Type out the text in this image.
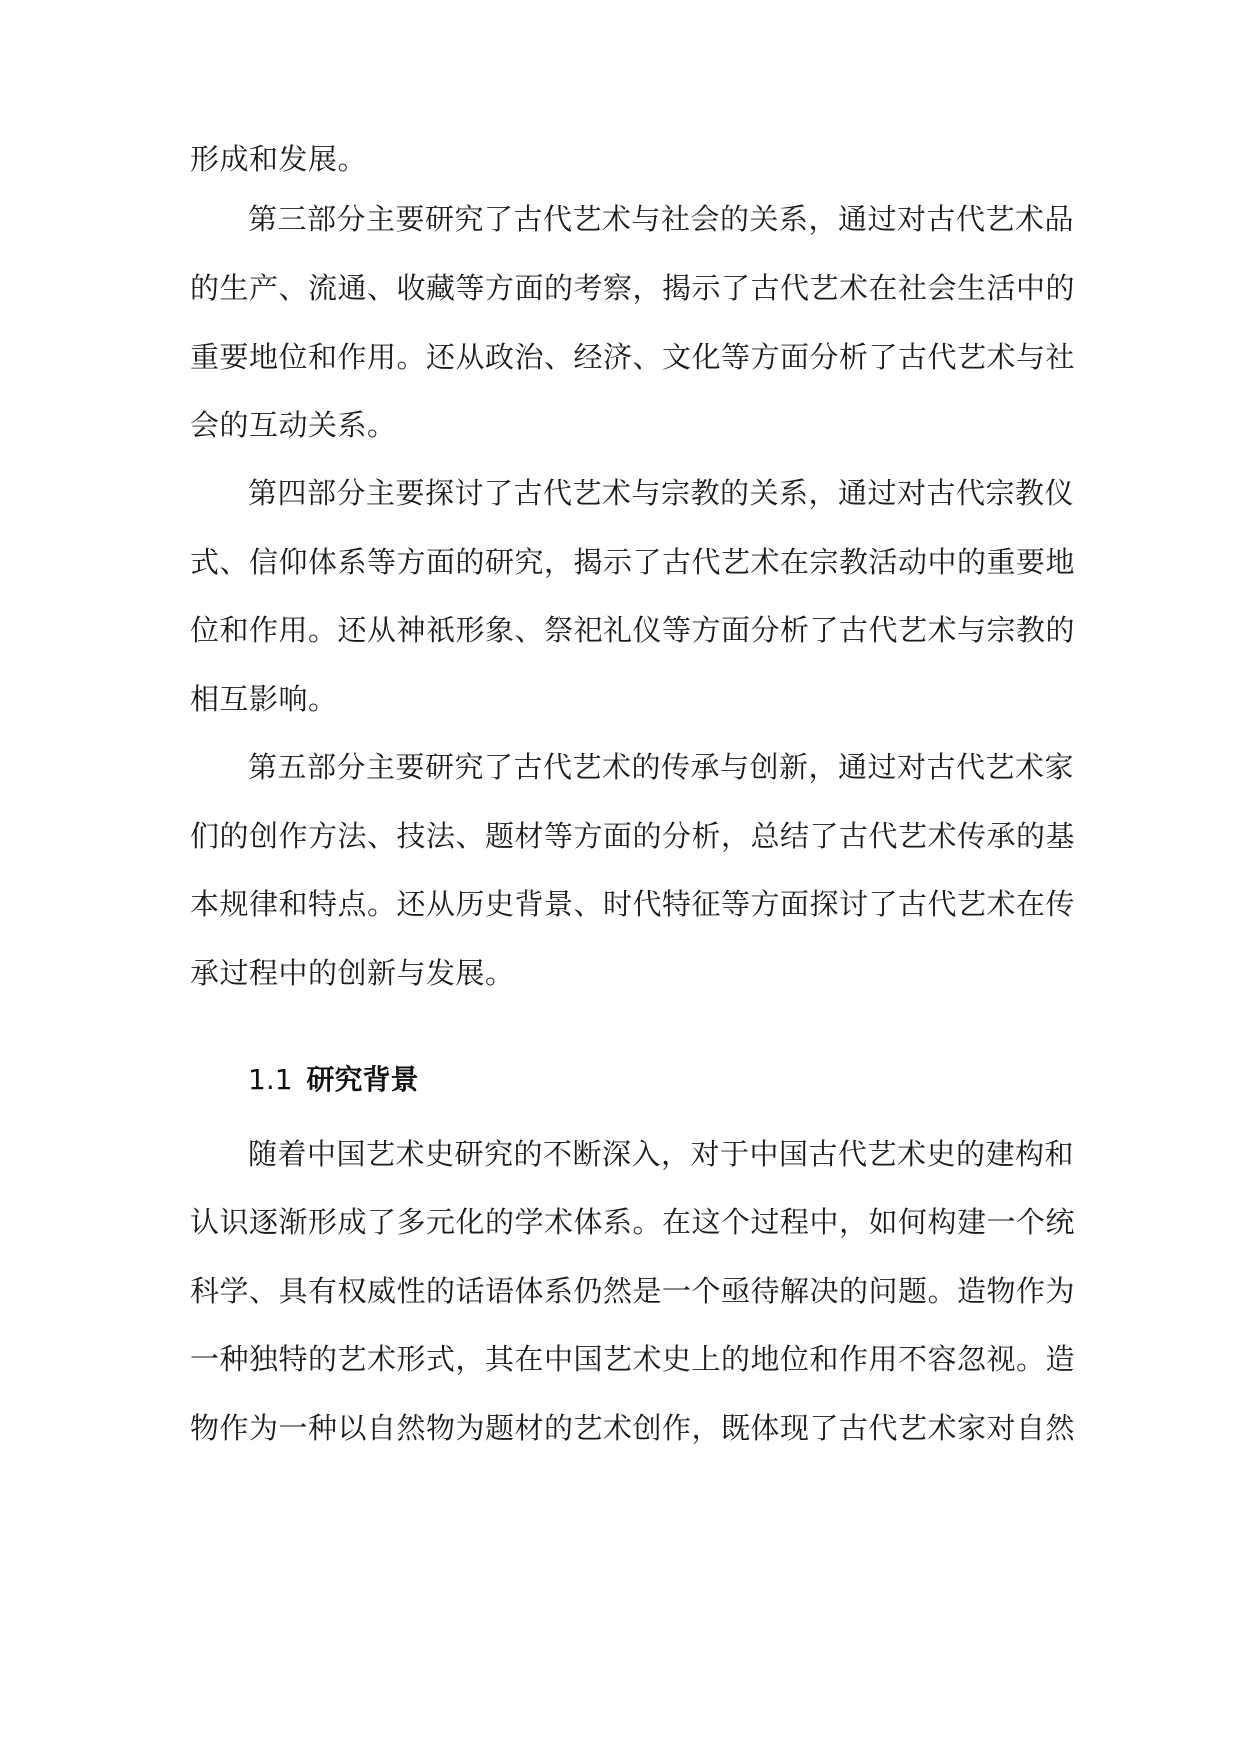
形成和发展。
第三部分主要研究了古代艺术与社会的关系，通过对古代艺术品
的生产、流通、收藏等方面的考察，揭示了古代艺术在社会生活中的
重要地位和作用。还从政治、经济、文化等方面分析了古代艺术与社
会的互动关系。
第四部分主要探讨了古代艺术与宗教的关系，通过对古代宗教仪
式、信仰体系等方面的研究，揭示了古代艺术在宗教活动中的重要地
位和作用。还从神祇形象、祭祀礼仪等方面分析了古代艺术与宗教的
相互影响。
第五部分主要研究了古代艺术的传承与创新，通过对古代艺术家
们的创作方法、技法、题材等方面的分析，总结了古代艺术传承的基
本规律和特点。还从历史背景、时代特征等方面探讨了古代艺术在传
承过程中的创新与发展。
1.1 研究背景
随着中国艺术史研究的不断深入，对于中国古代艺术史的建构和
认识逐渐形成了多元化的学术体系。在这个过程中，如何构建一个统
科学、具有权威性的话语体系仍然是一个亟待解决的问题。造物作为
一种独特的艺术形式，其在中国艺术史上的地位和作用不容忽视。造
物作为一种以自然物为题材的艺术创作，既体现了古代艺术家对自然
